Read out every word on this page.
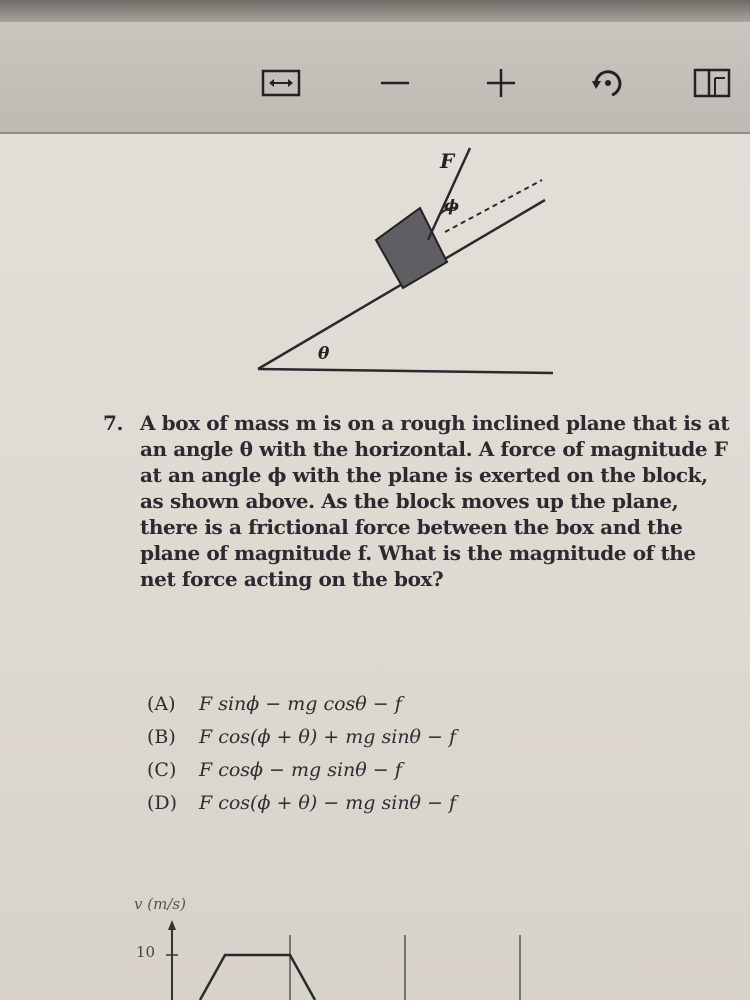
F
ϕ
θ
7. A box of mass m is on a rough inclined plane that is at an angle θ with the horizontal. A force of magnitude F at an angle ϕ with the plane is exerted on the block, as shown above. As the block moves up the plane, there is a frictional force between the box and the plane of magnitude f. What is the magnitude of the net force acting on the box?
(A) F sinϕ − mg cosθ − f
(B) F cos(ϕ + θ) + mg sinθ − f
(C) F cosϕ − mg sinθ − f
(D) F cos(ϕ + θ) − mg sinθ − f
v (m/s)
10
